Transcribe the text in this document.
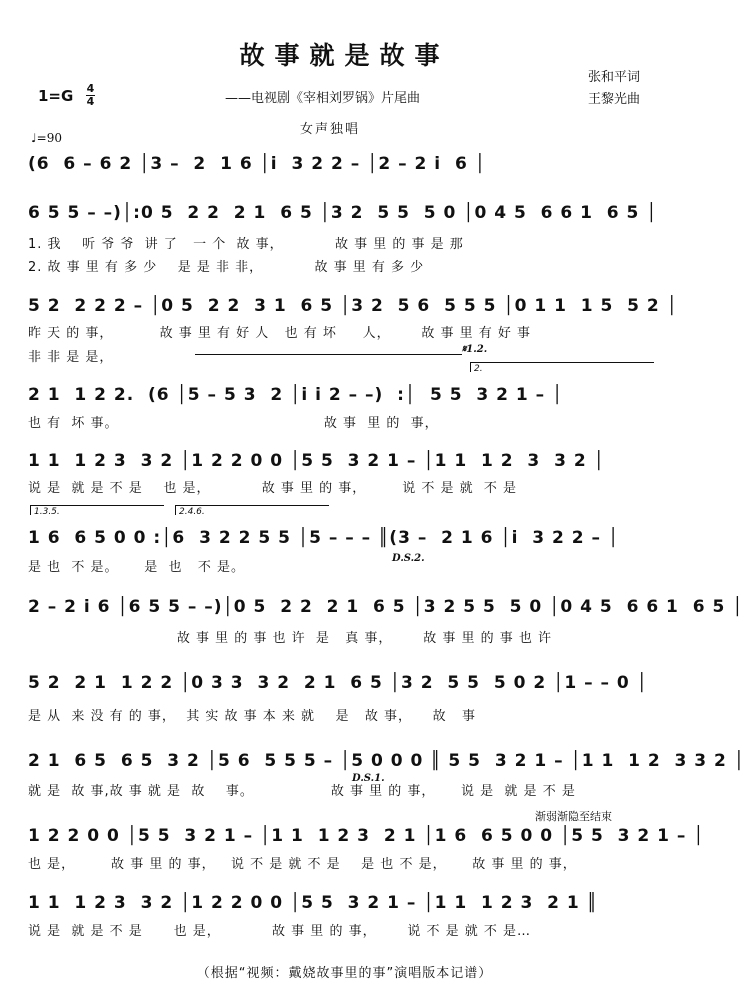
故事就是故事
1=G 4
4	——电视剧《宰相刘罗锅》片尾曲
张和平词
王黎光曲
女声独唱
♩=90
(6  6 – 6 2 │3 –  2  1 6 │i  3 2 2 – │2 – 2 i  6 │
6 5 5 – –)│:0 5  2 2  2 1  6 5 │3 2  5 5  5 0 │0 4 5  6 6 1  6 5 │
1. 我    听 爷 爷  讲 了   一 个  故 事，          故 事 里 的 事 是 那
2. 故 事 里 有 多 少    是 是 非 非，          故 事 里 有 多 少
5 2  2 2 2 – │0 5  2 2  3 1  6 5 │3 2  5 6  5 5 5 │0 1 1  1 5  5 2 │
昨 天 的 事，         故 事 里 有 好 人   也 有 坏     人，      故 事 里 有 好 事
非 非 是 是，
𝄋1.2.
2 1  1 2 2.  (6 │5 – 5 3  2 │i i 2 – –)  :│  5 5  3 2 1 – │
2.
也 有  坏 事。                                        故 事  里 的  事，
1 1  1 2 3  3 2 │1 2 2 0 0 │5 5  3 2 1 – │1 1  1 2  3  3 2 │
说 是  就 是 不 是    也 是，          故 事 里 的 事，       说 不 是 就  不 是
1 6  6 5 0 0 :│6  3 2 2 5 5 │5 – – – ║(3 –  2 1 6 │i  3 2 2 – │
1.3.5.	2.4.6.
D.S.2.
是 也  不 是。     是  也   不 是。
2 – 2 i 6 │6 5 5 – –)│0 5  2 2  2 1  6 5 │3 2 5 5  5 0 │0 4 5  6 6 1  6 5 │
故 事 里 的 事 也 许  是   真 事，      故 事 里 的 事 也 许
5 2  2 1  1 2 2 │0 3 3  3 2  2 1  6 5 │3 2  5 5  5 0 2 │1 – – 0 │
是 从  来 没 有 的 事，  其 实 故 事 本 来 就    是   故 事，    故   事
2 1  6 5  6 5  3 2 │5 6  5 5 5 – │5 0 0 0 ║ 5 5  3 2 1 – │1 1  1 2  3 3 2 │
D.S.1.
就 是  故 事,故 事 就 是  故    事。               故 事 里 的 事，     说 是  就 是 不 是
1 2 2 0 0 │5 5  3 2 1 – │1 1  1 2 3  2 1 │1 6  6 5 0 0 │5 5  3 2 1 – │
渐弱渐隐至结束
也 是，       故 事 里 的 事，   说 不 是 就 不 是    是 也 不 是，     故 事 里 的 事，
1 1  1 2 3  3 2 │1 2 2 0 0 │5 5  3 2 1 – │1 1  1 2 3  2 1 ║
说 是  就 是 不 是      也 是，          故 事 里 的 事，      说 不 是 就 不 是…
（根据“视频：戴娆故事里的事”演唱版本记谱）
